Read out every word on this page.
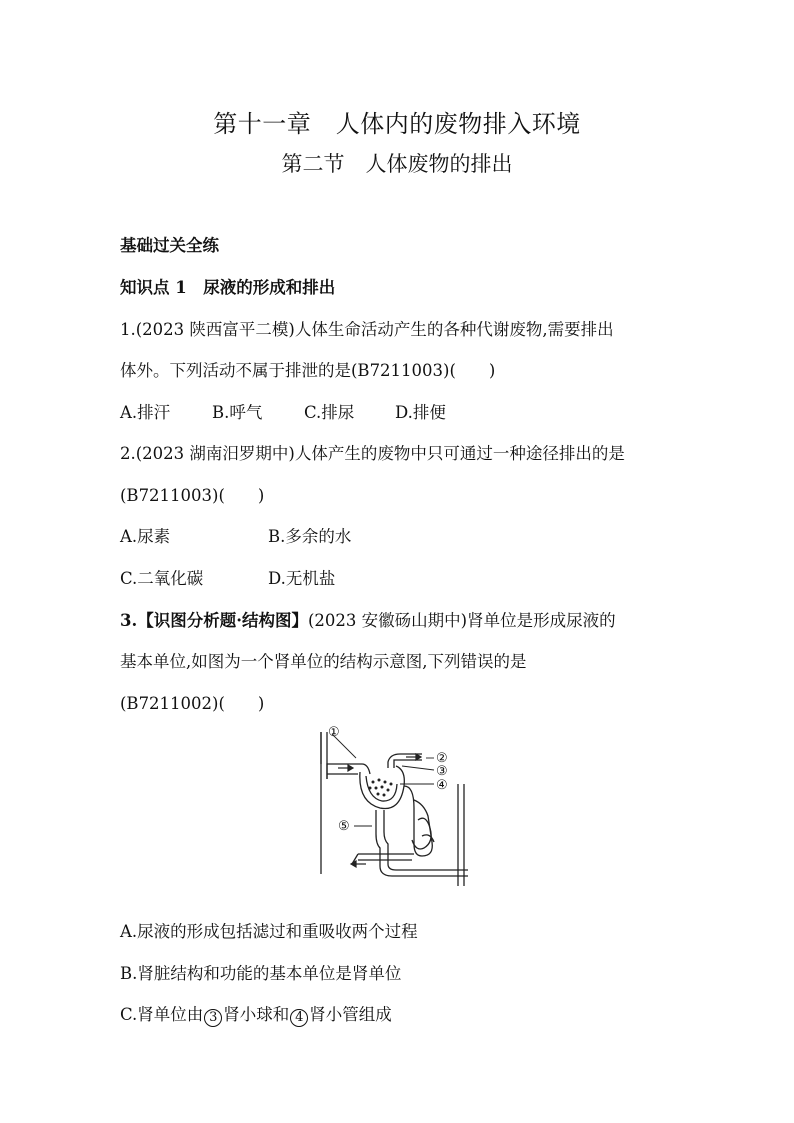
第十一章　人体内的废物排入环境
第二节　人体废物的排出
基础过关全练
知识点 1　尿液的形成和排出
1.(2023 陕西富平二模)人体生命活动产生的各种代谢废物,需要排出
体外。下列活动不属于排泄的是(B7211003)(　　)
A.排汗	B.呼气	C.排尿 D.排便
2.(2023 湖南汨罗期中)人体产生的废物中只可通过一种途径排出的是
(B7211003)(　　)
A.尿素	B.多余的水
C.二氧化碳	D.无机盐
3.【识图分析题·结构图】(2023 安徽砀山期中)肾单位是形成尿液的
基本单位,如图为一个肾单位的结构示意图,下列错误的是
(B7211002)(　　)
①
②
③
④
⑤
A.尿液的形成包括滤过和重吸收两个过程
B.肾脏结构和功能的基本单位是肾单位
C.肾单位由 3 肾小球和 4 肾小管组成
